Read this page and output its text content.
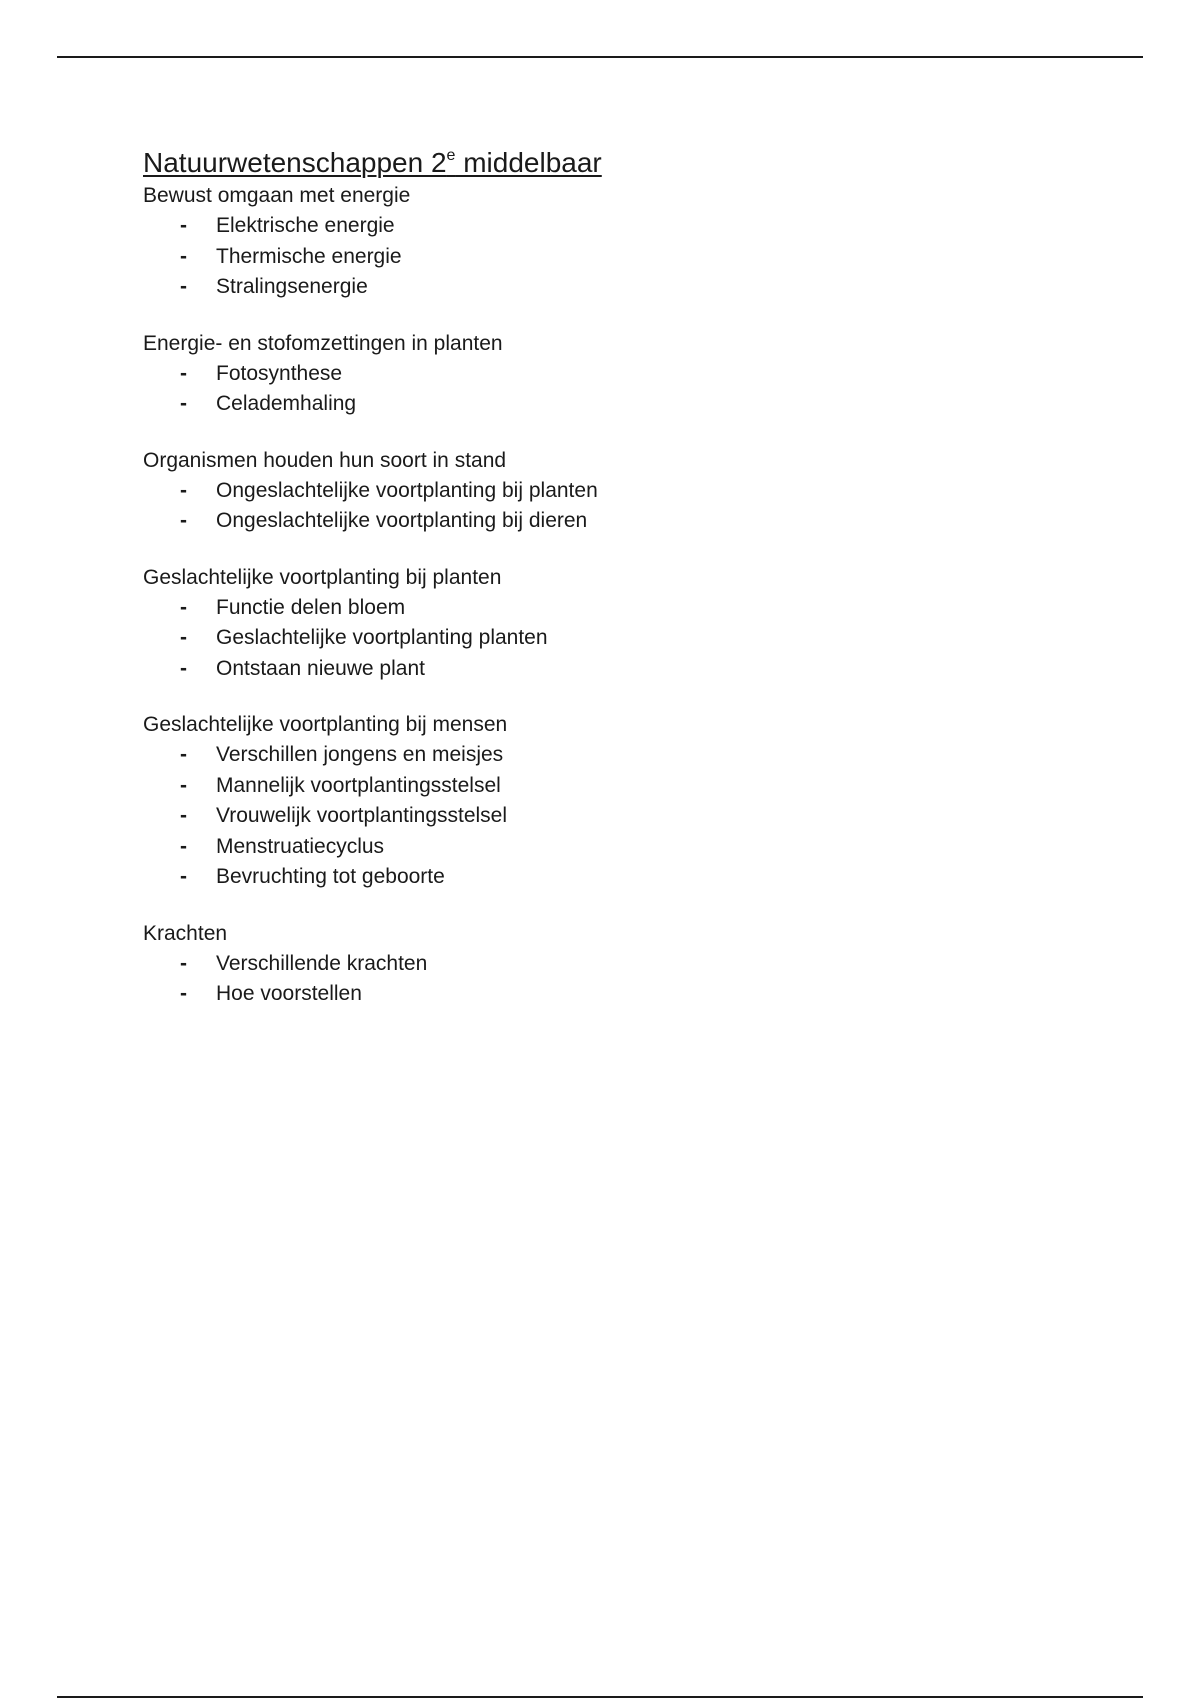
Natuurwetenschappen 2e middelbaar
Bewust omgaan met energie
- Elektrische energie
- Thermische energie
- Stralingsenergie
Energie- en stofomzettingen in planten
- Fotosynthese
- Celademhaling
Organismen houden hun soort in stand
- Ongeslachtelijke voortplanting bij planten
- Ongeslachtelijke voortplanting bij dieren
Geslachtelijke voortplanting bij planten
- Functie delen bloem
- Geslachtelijke voortplanting planten
- Ontstaan nieuwe plant
Geslachtelijke voortplanting bij mensen
- Verschillen jongens en meisjes
- Mannelijk voortplantingsstelsel
- Vrouwelijk voortplantingsstelsel
- Menstruatiecyclus
- Bevruchting tot geboorte
Krachten
- Verschillende krachten
- Hoe voorstellen
